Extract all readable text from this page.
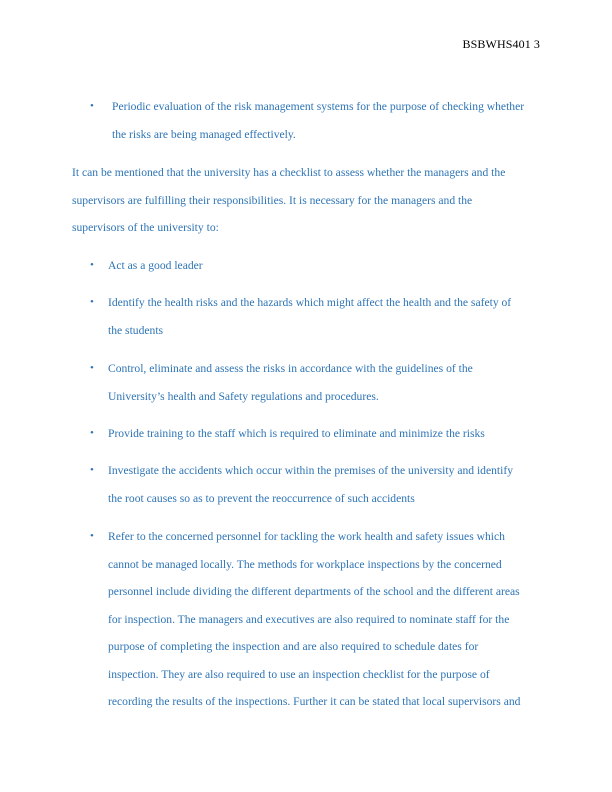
BSBWHS401 3
• Periodic evaluation of the risk management systems for the purpose of checking whether
the risks are being managed effectively.
It can be mentioned that the university has a checklist to assess whether the managers and the
supervisors are fulfilling their responsibilities. It is necessary for the managers and the
supervisors of the university to:
• Act as a good leader
• Identify the health risks and the hazards which might affect the health and the safety of
the students
• Control, eliminate and assess the risks in accordance with the guidelines of the
University’s health and Safety regulations and procedures.
• Provide training to the staff which is required to eliminate and minimize the risks
• Investigate the accidents which occur within the premises of the university and identify
the root causes so as to prevent the reoccurrence of such accidents
• Refer to the concerned personnel for tackling the work health and safety issues which
cannot be managed locally. The methods for workplace inspections by the concerned
personnel include dividing the different departments of the school and the different areas
for inspection. The managers and executives are also required to nominate staff for the
purpose of completing the inspection and are also required to schedule dates for
inspection. They are also required to use an inspection checklist for the purpose of
recording the results of the inspections. Further it can be stated that local supervisors and
